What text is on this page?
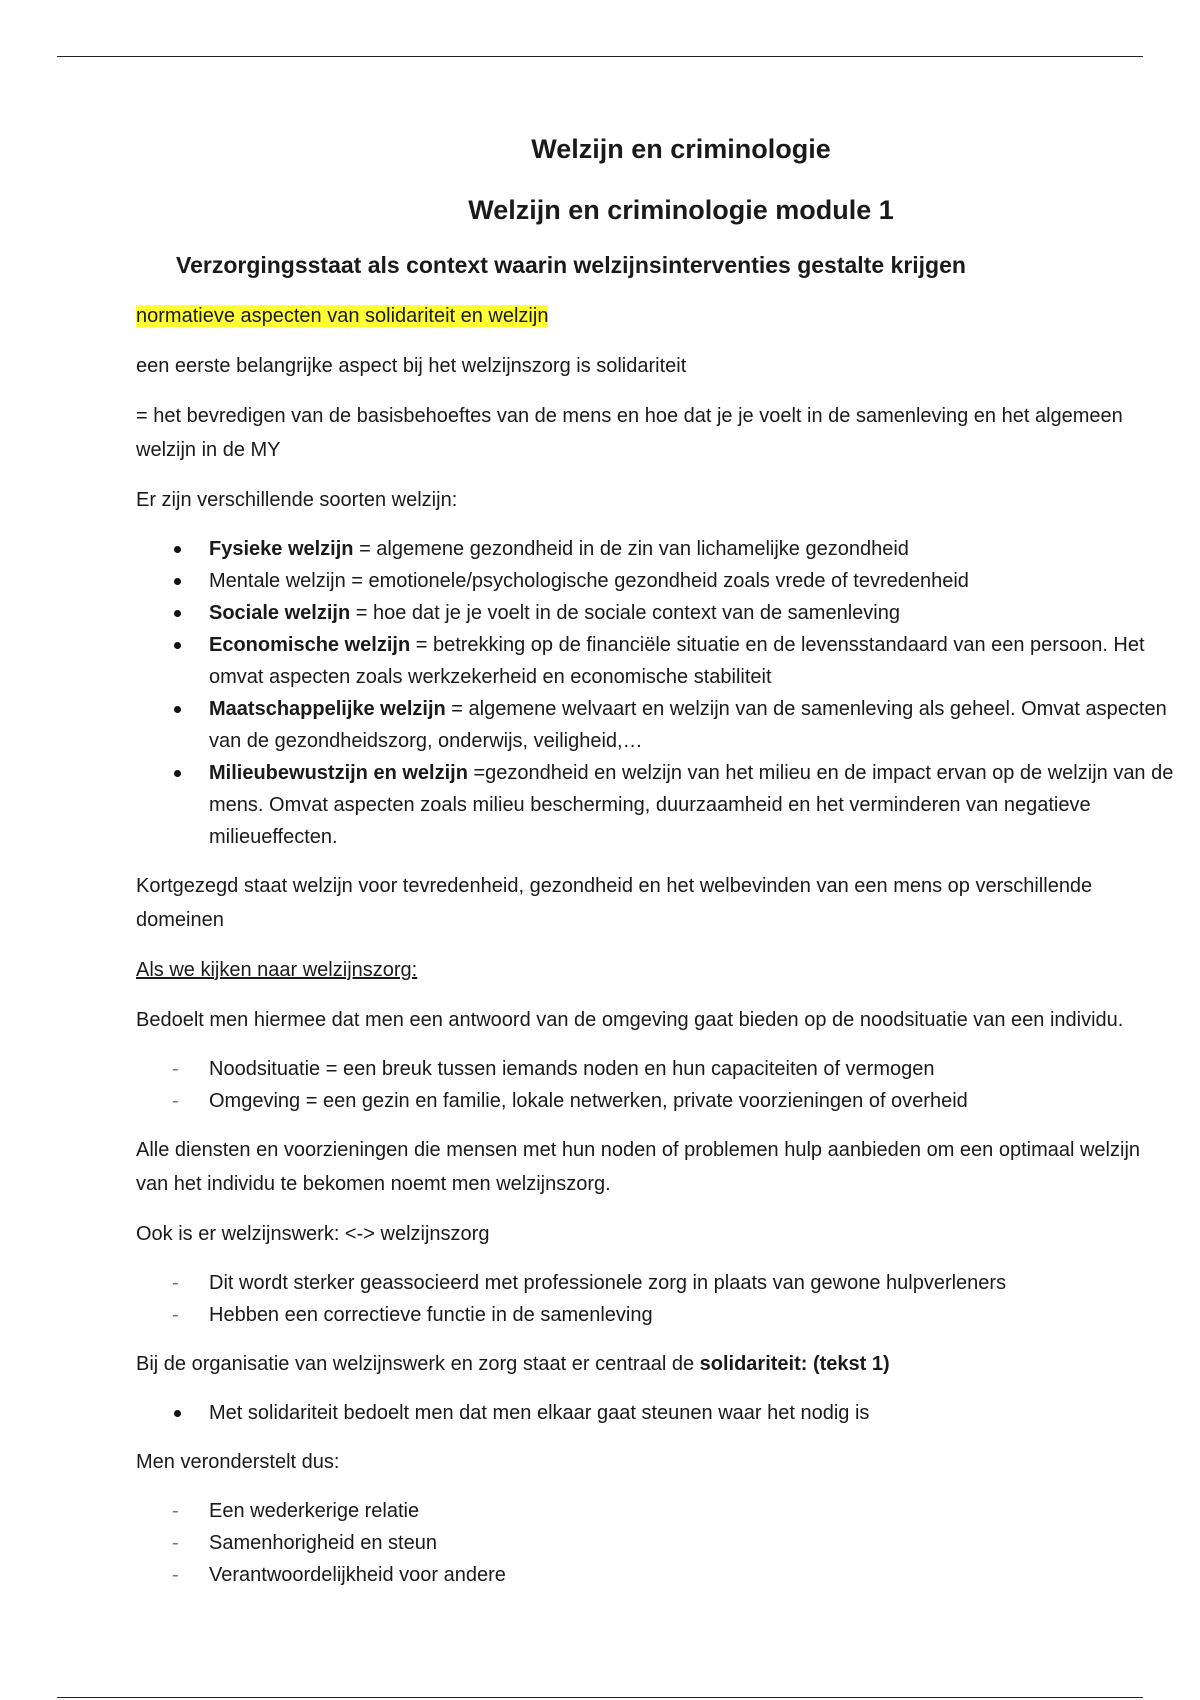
Welzijn en criminologie
Welzijn en criminologie module 1
Verzorgingsstaat als context waarin welzijnsinterventies gestalte krijgen

normatieve aspecten van solidariteit en welzijn

een eerste belangrijke aspect bij het welzijnszorg is solidariteit

= het bevredigen van de basisbehoeftes van de mens en hoe dat je je voelt in de samenleving en het algemeen welzijn in de MY

Er zijn verschillende soorten welzijn:

Fysieke welzijn = algemene gezondheid in de zin van lichamelijke gezondheid
Mentale welzijn = emotionele/psychologische gezondheid zoals vrede of tevredenheid
Sociale welzijn = hoe dat je je voelt in de sociale context van de samenleving
Economische welzijn = betrekking op de financiële situatie en de levensstandaard van een persoon. Het omvat aspecten zoals werkzekerheid en economische stabiliteit
Maatschappelijke welzijn = algemene welvaart en welzijn van de samenleving als geheel. Omvat aspecten van de gezondheidszorg, onderwijs, veiligheid,…
Milieubewustzijn en welzijn =gezondheid en welzijn van het milieu en de impact ervan op de welzijn van de mens. Omvat aspecten zoals milieu bescherming, duurzaamheid en het verminderen van negatieve milieueffecten.

Kortgezegd staat welzijn voor tevredenheid, gezondheid en het welbevinden van een mens op verschillende domeinen

Als we kijken naar welzijnszorg:

Bedoelt men hiermee dat men een antwoord van de omgeving gaat bieden op de noodsituatie van een individu.

- Noodsituatie = een breuk tussen iemands noden en hun capaciteiten of vermogen
- Omgeving = een gezin en familie, lokale netwerken, private voorzieningen of overheid

Alle diensten en voorzieningen die mensen met hun noden of problemen hulp aanbieden om een optimaal welzijn van het individu te bekomen noemt men welzijnszorg.

Ook is er welzijnswerk: <-> welzijnszorg

- Dit wordt sterker geassocieerd met professionele zorg in plaats van gewone hulpverleners
- Hebben een correctieve functie in de samenleving

Bij de organisatie van welzijnswerk en zorg staat er centraal de solidariteit: (tekst 1)

Met solidariteit bedoelt men dat men elkaar gaat steunen waar het nodig is

Men veronderstelt dus:

- Een wederkerige relatie
- Samenhorigheid en steun
- Verantwoordelijkheid voor andere
